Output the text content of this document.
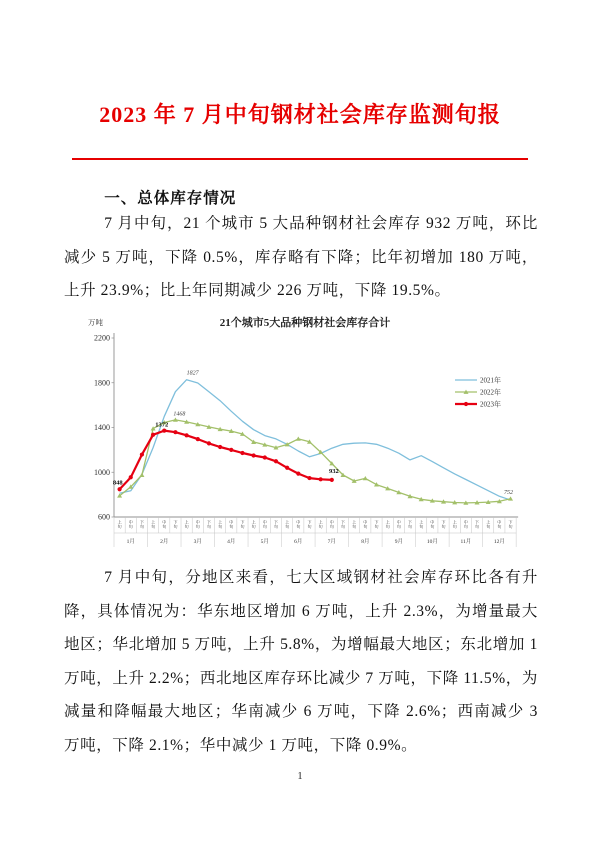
2023 年 7 月中旬钢材社会库存监测旬报
一、总体库存情况
7 月中旬，21 个城市 5 大品种钢材社会库存 932 万吨，环比减少 5 万吨，下降 0.5%，库存略有下降；比年初增加 180 万吨，上升 23.9%；比上年同期减少 226 万吨，下降 19.5%。
21个城市5大品种钢材社会库存合计
万吨
600
1000
1400
1800
2200
上旬
中旬
下旬
上旬
中旬
下旬
上旬
中旬
下旬
上旬
中旬
下旬
上旬
中旬
下旬
上旬
中旬
下旬
上旬
中旬
下旬
上旬
中旬
下旬
上旬
中旬
下旬
上旬
中旬
下旬
上旬
中旬
下旬
上旬
中旬
下旬
1月	2月	3月	4月	5月	6月	7月	8月	9月	10月	11月	12月
848
1372
932
1468
1827
752
2021年
2022年
2023年
7 月中旬，分地区来看，七大区域钢材社会库存环比各有升降，具体情况为：华东地区增加 6 万吨，上升 2.3%，为增量最大地区；华北增加 5 万吨，上升 5.8%，为增幅最大地区；东北增加 1 万吨，上升 2.2%；西北地区库存环比减少 7 万吨，下降 11.5%，为减量和降幅最大地区；华南减少 6 万吨，下降 2.6%；西南减少 3 万吨，下降 2.1%；华中减少 1 万吨，下降 0.9%。
1
